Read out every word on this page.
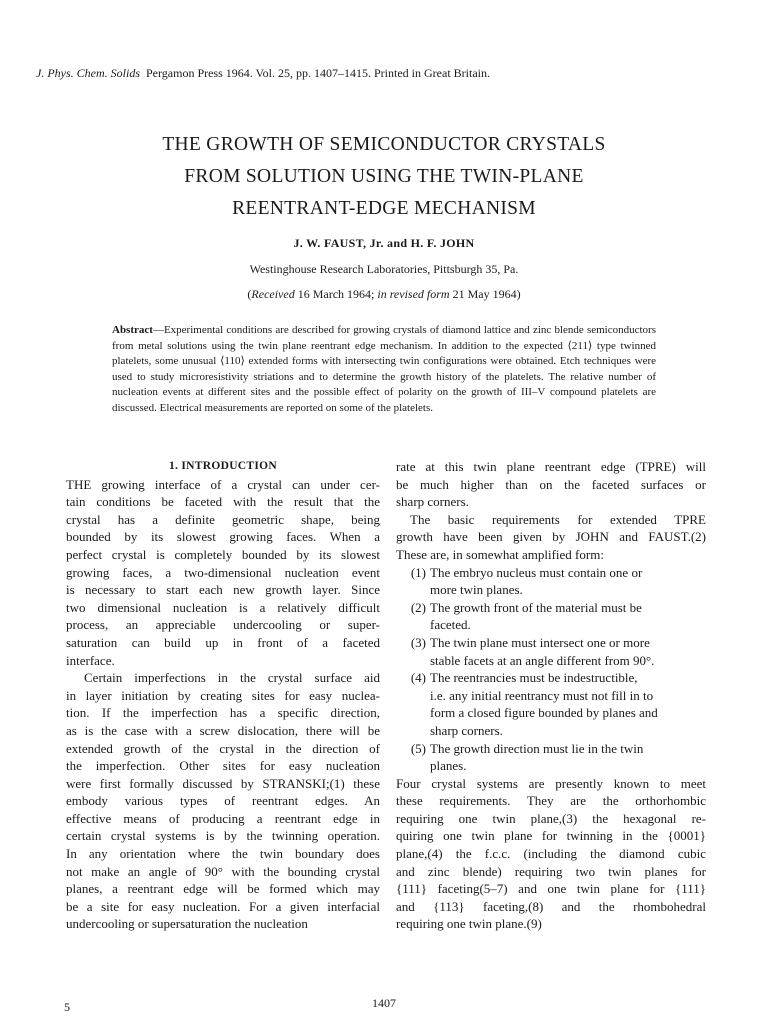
J. Phys. Chem. Solids Pergamon Press 1964. Vol. 25, pp. 1407–1415. Printed in Great Britain.
THE GROWTH OF SEMICONDUCTOR CRYSTALS
FROM SOLUTION USING THE TWIN-PLANE
REENTRANT-EDGE MECHANISM
J. W. FAUST, Jr. and H. F. JOHN
Westinghouse Research Laboratories, Pittsburgh 35, Pa.
(Received 16 March 1964; in revised form 21 May 1964)
Abstract—Experimental conditions are described for growing crystals of diamond lattice and zinc blende semiconductors from metal solutions using the twin plane reentrant edge mechanism. In addition to the expected ⟨211⟩ type twinned platelets, some unusual ⟨110⟩ extended forms with intersecting twin configurations were obtained. Etch techniques were used to study microresistivity striations and to determine the growth history of the platelets. The relative number of nucleation events at different sites and the possible effect of polarity on the growth of III–V compound platelets are discussed. Electrical measurements are reported on some of the platelets.
1. INTRODUCTION
THE growing interface of a crystal can under cer-
tain conditions be faceted with the result that the
crystal has a definite geometric shape, being
bounded by its slowest growing faces. When a
perfect crystal is completely bounded by its slowest
growing faces, a two-dimensional nucleation event
is necessary to start each new growth layer. Since
two dimensional nucleation is a relatively difficult
process, an appreciable undercooling or super-
saturation can build up in front of a faceted
interface.
Certain imperfections in the crystal surface aid
in layer initiation by creating sites for easy nuclea-
tion. If the imperfection has a specific direction,
as is the case with a screw dislocation, there will be
extended growth of the crystal in the direction of
the imperfection. Other sites for easy nucleation
were first formally discussed by STRANSKI;(1) these
embody various types of reentrant edges. An
effective means of producing a reentrant edge in
certain crystal systems is by the twinning operation.
In any orientation where the twin boundary does
not make an angle of 90° with the bounding crystal
planes, a reentrant edge will be formed which may
be a site for easy nucleation. For a given interfacial
undercooling or supersaturation the nucleation
rate at this twin plane reentrant edge (TPRE) will
be much higher than on the faceted surfaces or
sharp corners.
The basic requirements for extended TPRE
growth have been given by JOHN and FAUST.(2)
These are, in somewhat amplified form:
(1) The embryo nucleus must contain one or
more twin planes.
(2) The growth front of the material must be
faceted.
(3) The twin plane must intersect one or more
stable facets at an angle different from 90°.
(4) The reentrancies must be indestructible,
i.e. any initial reentrancy must not fill in to
form a closed figure bounded by planes and
sharp corners.
(5) The growth direction must lie in the twin
planes.
Four crystal systems are presently known to meet
these requirements. They are the orthorhombic
requiring one twin plane,(3) the hexagonal re-
quiring one twin plane for twinning in the {0001}
plane,(4) the f.c.c. (including the diamond cubic
and zinc blende) requiring two twin planes for
{111} faceting(5–7) and one twin plane for {111}
and {113} faceting,(8) and the rhombohedral
requiring one twin plane.(9)
5	1407
